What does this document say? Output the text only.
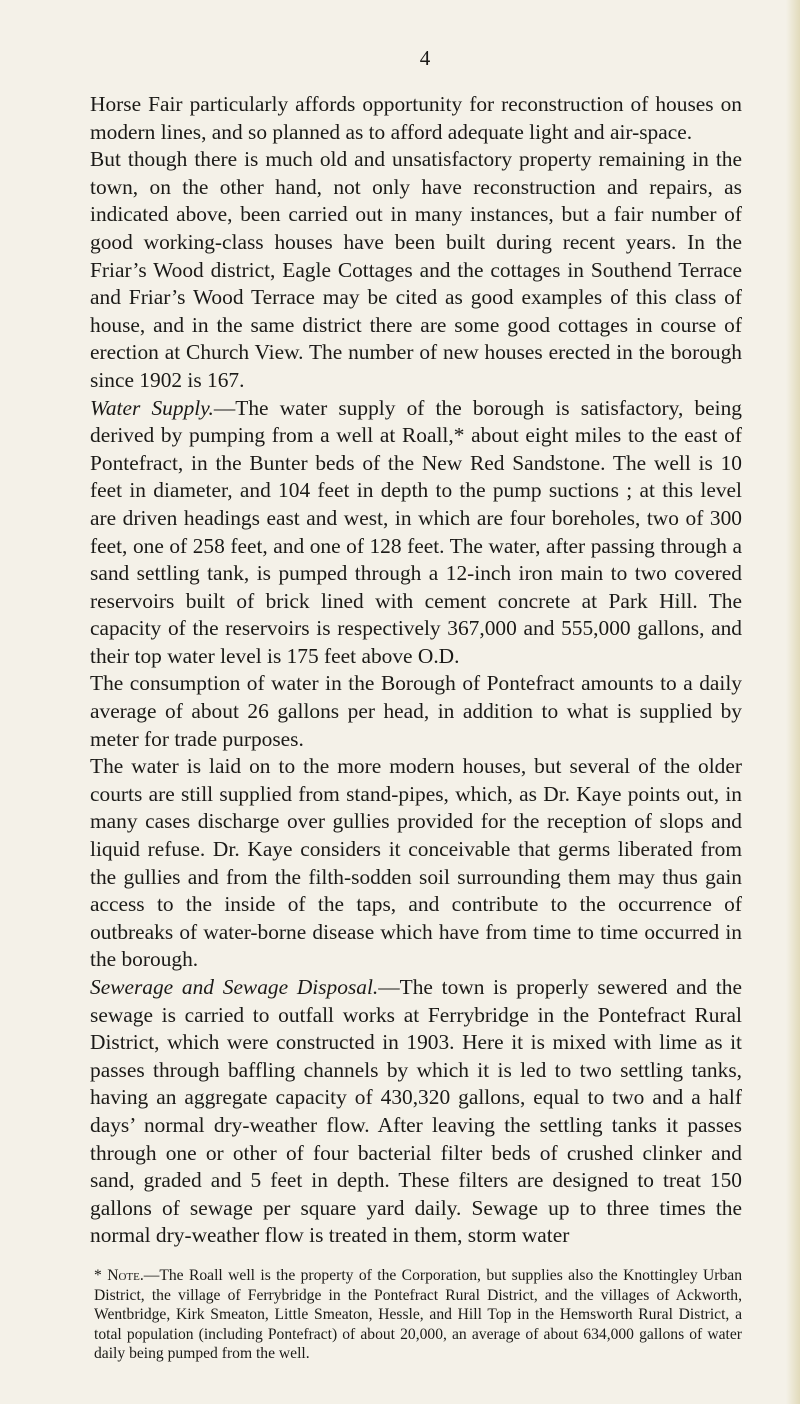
4

Horse Fair particularly affords opportunity for reconstruction of houses on modern lines, and so planned as to afford adequate light and air-space.

But though there is much old and unsatisfactory property remaining in the town, on the other hand, not only have reconstruction and repairs, as indicated above, been carried out in many instances, but a fair number of good working-class houses have been built during recent years. In the Friar’s Wood district, Eagle Cottages and the cottages in Southend Terrace and Friar’s Wood Terrace may be cited as good examples of this class of house, and in the same district there are some good cottages in course of erection at Church View. The number of new houses erected in the borough since 1902 is 167.

Water Supply.—The water supply of the borough is satisfactory, being derived by pumping from a well at Roall,* about eight miles to the east of Pontefract, in the Bunter beds of the New Red Sandstone. The well is 10 feet in diameter, and 104 feet in depth to the pump suctions ; at this level are driven headings east and west, in which are four boreholes, two of 300 feet, one of 258 feet, and one of 128 feet. The water, after passing through a sand settling tank, is pumped through a 12-inch iron main to two covered reservoirs built of brick lined with cement concrete at Park Hill. The capacity of the reservoirs is respectively 367,000 and 555,000 gallons, and their top water level is 175 feet above O.D.

The consumption of water in the Borough of Pontefract amounts to a daily average of about 26 gallons per head, in addition to what is supplied by meter for trade purposes.

The water is laid on to the more modern houses, but several of the older courts are still supplied from stand-pipes, which, as Dr. Kaye points out, in many cases discharge over gullies provided for the reception of slops and liquid refuse. Dr. Kaye considers it conceivable that germs liberated from the gullies and from the filth-sodden soil surrounding them may thus gain access to the inside of the taps, and contribute to the occurrence of outbreaks of water-borne disease which have from time to time occurred in the borough.

Sewerage and Sewage Disposal.—The town is properly sewered and the sewage is carried to outfall works at Ferrybridge in the Pontefract Rural District, which were constructed in 1903. Here it is mixed with lime as it passes through baffling channels by which it is led to two settling tanks, having an aggregate capacity of 430,320 gallons, equal to two and a half days’ normal dry-weather flow. After leaving the settling tanks it passes through one or other of four bacterial filter beds of crushed clinker and sand, graded and 5 feet in depth. These filters are designed to treat 150 gallons of sewage per square yard daily. Sewage up to three times the normal dry-weather flow is treated in them, storm water

* Note.—The Roall well is the property of the Corporation, but supplies also the Knottingley Urban District, the village of Ferrybridge in the Pontefract Rural District, and the villages of Ackworth, Wentbridge, Kirk Smeaton, Little Smeaton, Hessle, and Hill Top in the Hemsworth Rural District, a total population (including Pontefract) of about 20,000, an average of about 634,000 gallons of water daily being pumped from the well.
